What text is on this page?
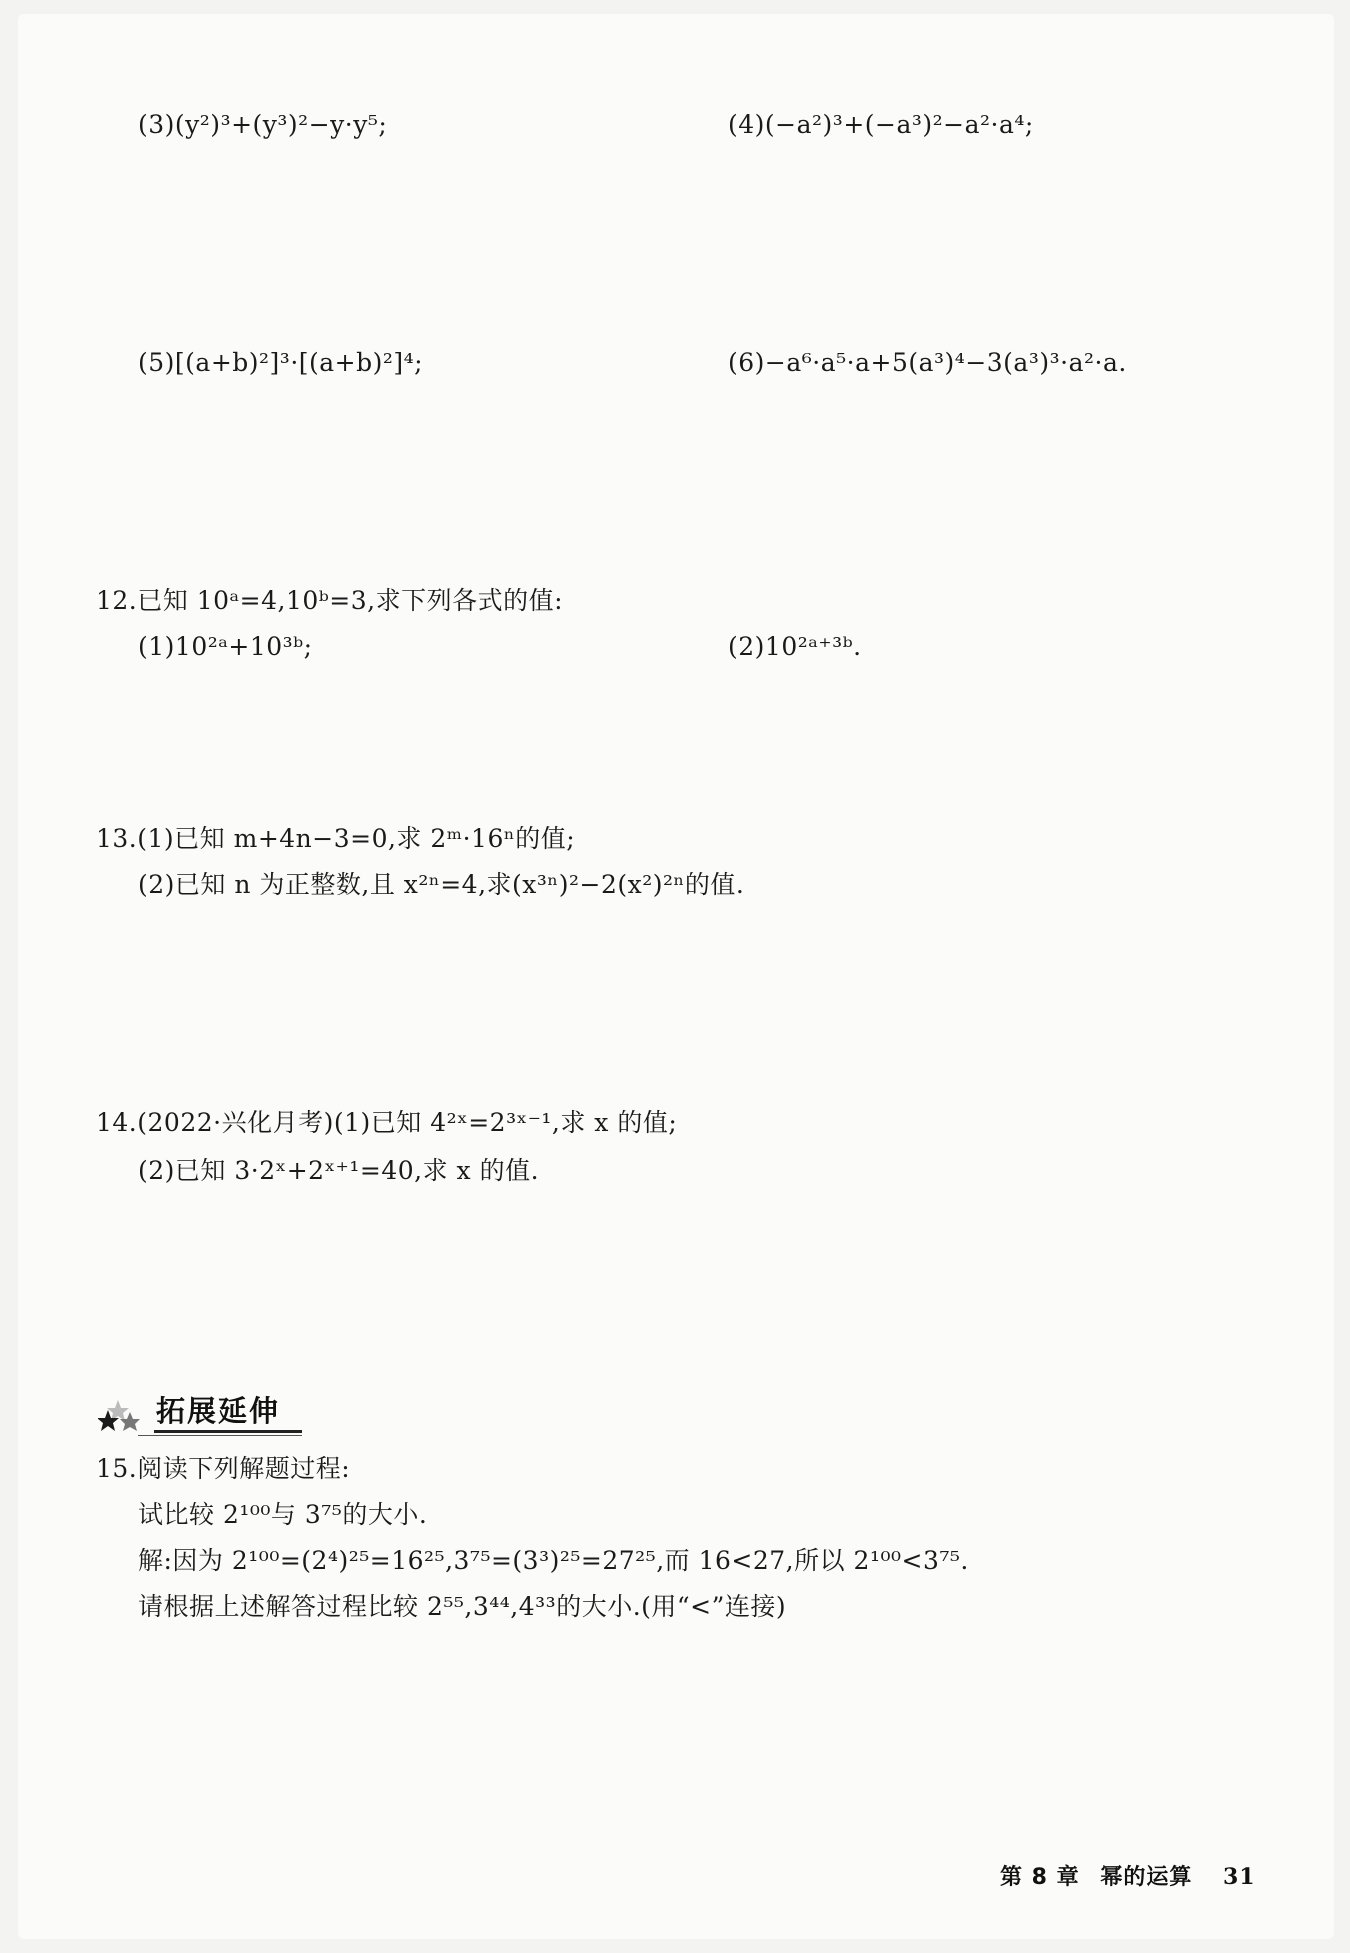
(3)(y²)³+(y³)²−y·y⁵;	(4)(−a²)³+(−a³)²−a²·a⁴;
(5)[(a+b)²]³·[(a+b)²]⁴;	(6)−a⁶·a⁵·a+5(a³)⁴−3(a³)³·a²·a.
12.已知 10ᵃ=4,10ᵇ=3,求下列各式的值:
(1)10²ᵃ+10³ᵇ;	(2)10²ᵃ⁺³ᵇ.
13.(1)已知 m+4n−3=0,求 2ᵐ·16ⁿ的值;
(2)已知 n 为正整数,且 x²ⁿ=4,求(x³ⁿ)²−2(x²)²ⁿ的值.
14.(2022·兴化月考)(1)已知 4²ˣ=2³ˣ⁻¹,求 x 的值;
(2)已知 3·2ˣ+2ˣ⁺¹=40,求 x 的值.
拓展延伸
15.阅读下列解题过程:
试比较 2¹⁰⁰与 3⁷⁵的大小.
解:因为 2¹⁰⁰=(2⁴)²⁵=16²⁵,3⁷⁵=(3³)²⁵=27²⁵,而 16<27,所以 2¹⁰⁰<3⁷⁵.
请根据上述解答过程比较 2⁵⁵,3⁴⁴,4³³的大小.(用“<”连接)
第 8 章 幂的运算 31
